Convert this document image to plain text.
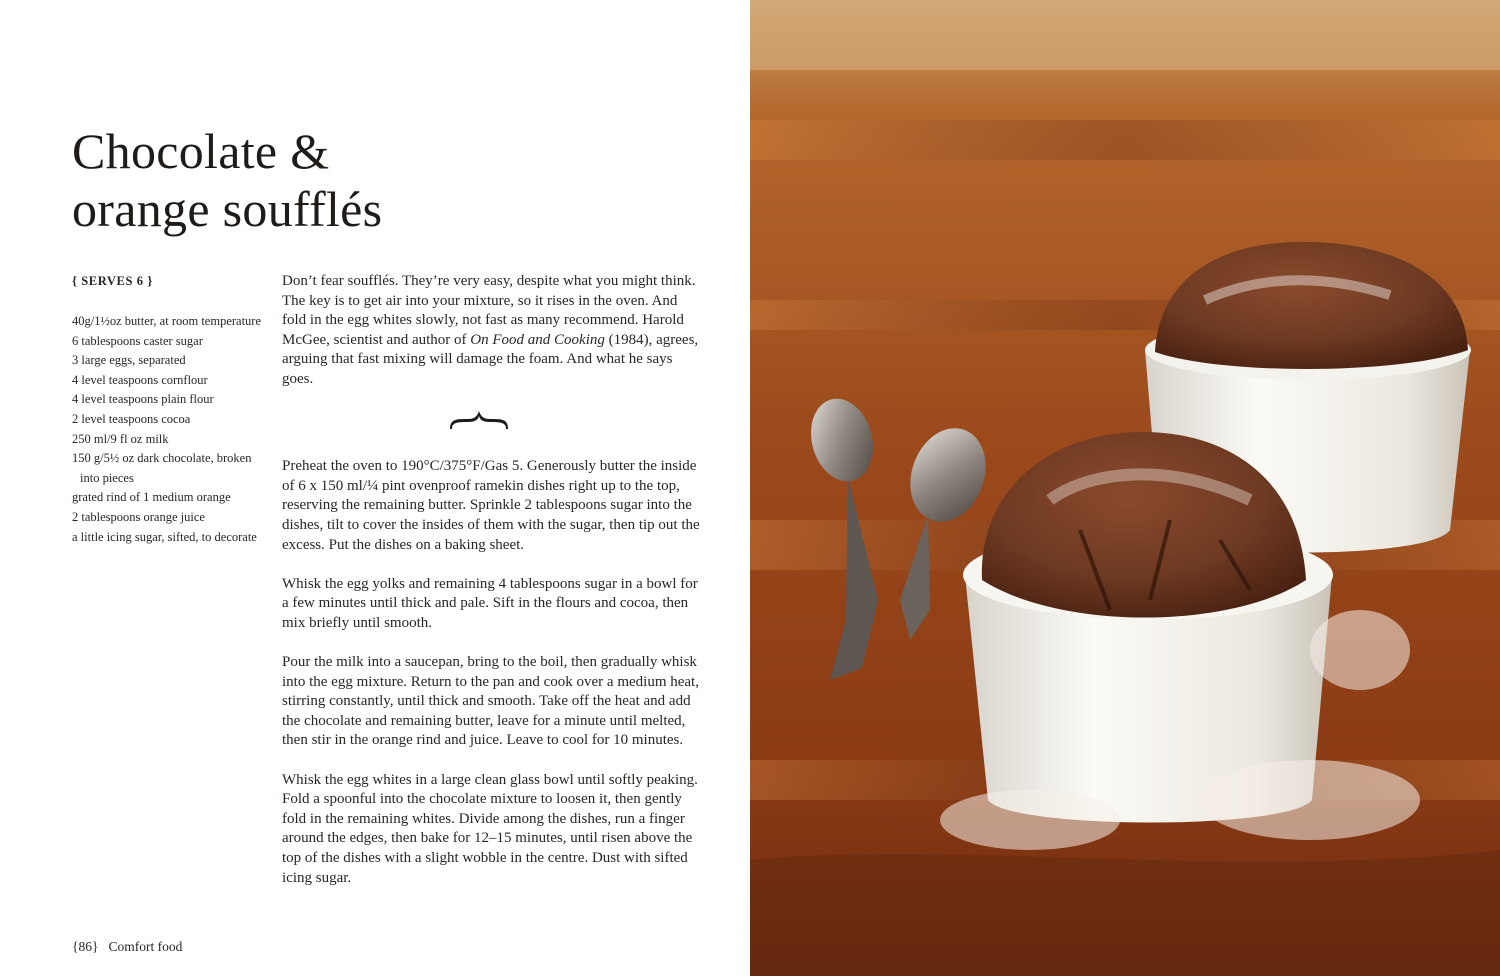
Chocolate &
orange soufflés
{ SERVES 6 }
40g/1½oz butter, at room temperature
6 tablespoons caster sugar
3 large eggs, separated
4 level teaspoons cornflour
4 level teaspoons plain flour
2 level teaspoons cocoa
250 ml/9 fl oz milk
150 g/5½ oz dark chocolate, broken into pieces
grated rind of 1 medium orange
2 tablespoons orange juice
a little icing sugar, sifted, to decorate

Don’t fear soufflés. They’re very easy, despite what you might think. The key is to get air into your mixture, so it rises in the oven. And fold in the egg whites slowly, not fast as many recommend. Harold McGee, scientist and author of On Food and Cooking (1984), agrees, arguing that fast mixing will damage the foam. And what he says goes.

Preheat the oven to 190°C/375°F/Gas 5. Generously butter the inside of 6 x 150 ml/¼ pint ovenproof ramekin dishes right up to the top, reserving the remaining butter. Sprinkle 2 tablespoons sugar into the dishes, tilt to cover the insides of them with the sugar, then tip out the excess. Put the dishes on a baking sheet.

Whisk the egg yolks and remaining 4 tablespoons sugar in a bowl for a few minutes until thick and pale. Sift in the flours and cocoa, then mix briefly until smooth.

Pour the milk into a saucepan, bring to the boil, then gradually whisk into the egg mixture. Return to the pan and cook over a medium heat, stirring constantly, until thick and smooth. Take off the heat and add the chocolate and remaining butter, leave for a minute until melted, then stir in the orange rind and juice. Leave to cool for 10 minutes.

Whisk the egg whites in a large clean glass bowl until softly peaking. Fold a spoonful into the chocolate mixture to loosen it, then gently fold in the remaining whites. Divide among the dishes, run a finger around the edges, then bake for 12–15 minutes, until risen above the top of the dishes with a slight wobble in the centre. Dust with sifted icing sugar.

{86} Comfort food
